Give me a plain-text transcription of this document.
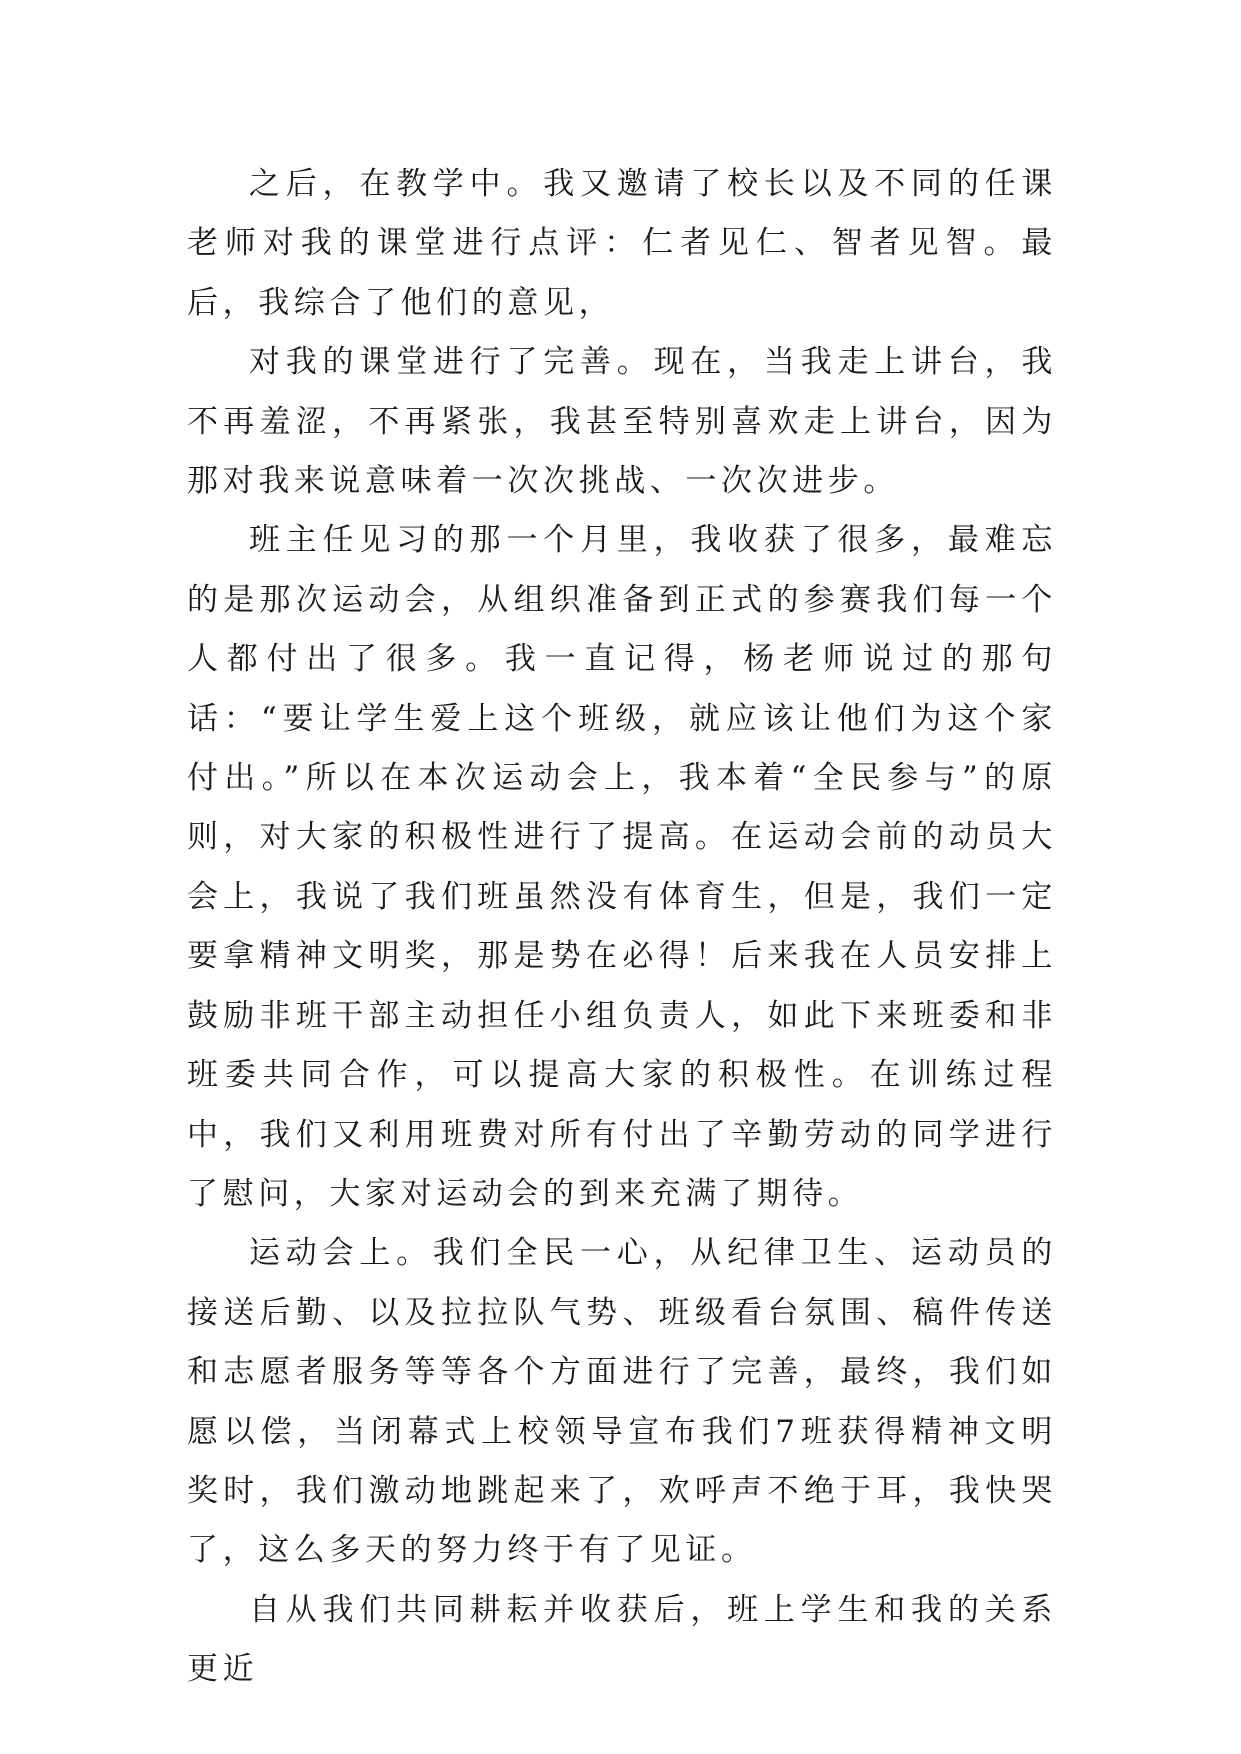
之后，在教学中。我又邀请了校长以及不同的任课老师对我的课堂进行点评：仁者见仁、智者见智。最后，我综合了他们的意见，

对我的课堂进行了完善。现在，当我走上讲台，我不再羞涩，不再紧张，我甚至特别喜欢走上讲台，因为那对我来说意味着一次次挑战、一次次进步。

班主任见习的那一个月里，我收获了很多，最难忘的是那次运动会，从组织准备到正式的参赛我们每一个人都付出了很多。我一直记得，杨老师说过的那句话：“要让学生爱上这个班级，就应该让他们为这个家付出。”所以在本次运动会上，我本着“全民参与”的原则，对大家的积极性进行了提高。在运动会前的动员大会上，我说了我们班虽然没有体育生，但是，我们一定要拿精神文明奖，那是势在必得！后来我在人员安排上鼓励非班干部主动担任小组负责人，如此下来班委和非班委共同合作，可以提高大家的积极性。在训练过程中，我们又利用班费对所有付出了辛勤劳动的同学进行了慰问，大家对运动会的到来充满了期待。

运动会上。我们全民一心，从纪律卫生、运动员的接送后勤、以及拉拉队气势、班级看台氛围、稿件传送和志愿者服务等等各个方面进行了完善，最终，我们如愿以偿，当闭幕式上校领导宣布我们7班获得精神文明奖时，我们激动地跳起来了，欢呼声不绝于耳，我快哭了，这么多天的努力终于有了见证。

自从我们共同耕耘并收获后，班上学生和我的关系更近
